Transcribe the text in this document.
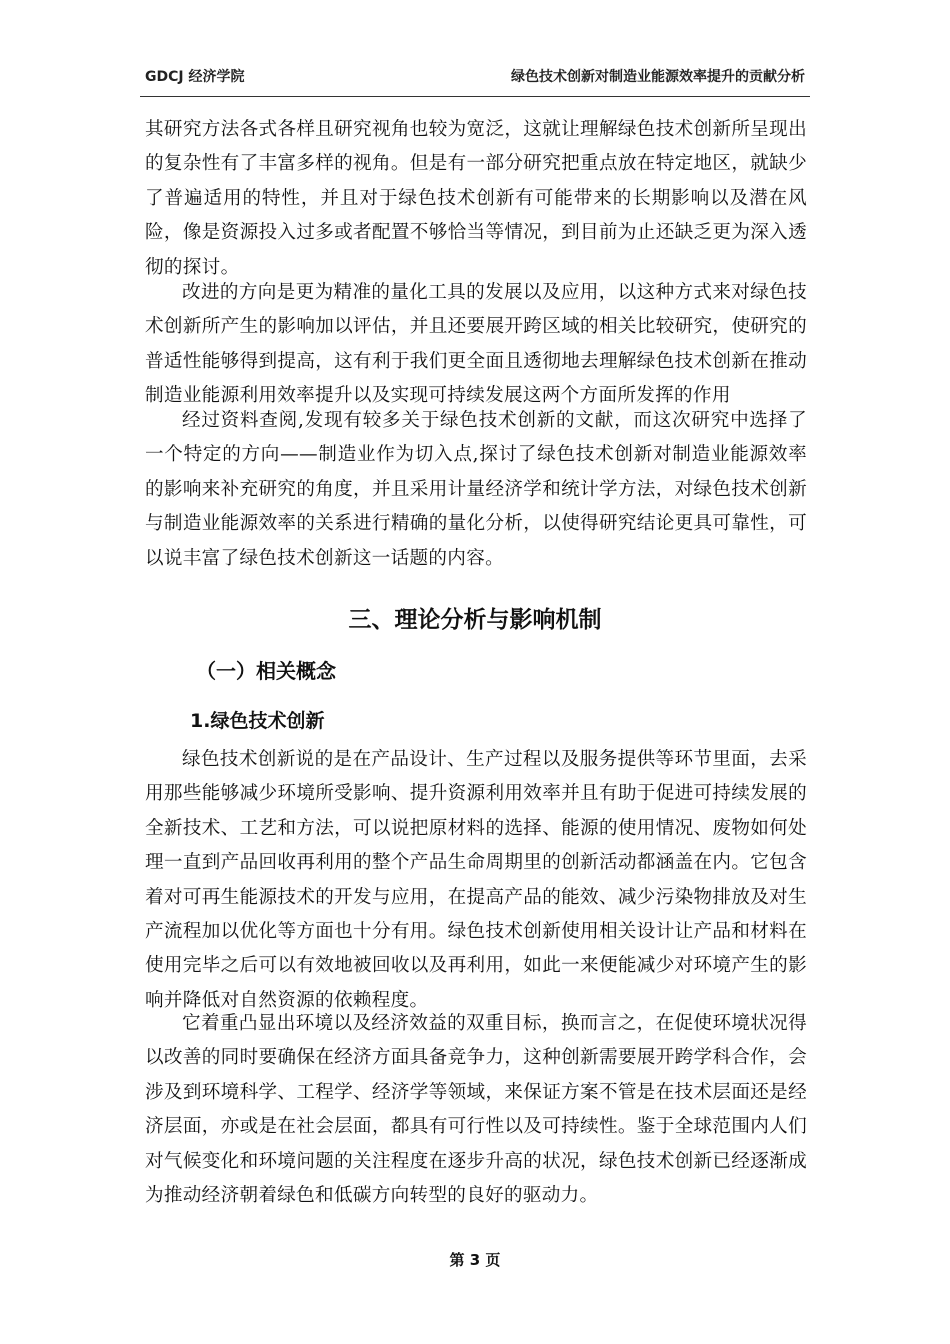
GDCJ 经济学院	绿色技术创新对制造业能源效率提升的贡献分析

其研究方法各式各样且研究视角也较为宽泛，这就让理解绿色技术创新所呈现出的复杂性有了丰富多样的视角。但是有一部分研究把重点放在特定地区，就缺少了普遍适用的特性，并且对于绿色技术创新有可能带来的长期影响以及潜在风险，像是资源投入过多或者配置不够恰当等情况，到目前为止还缺乏更为深入透彻的探讨。

改进的方向是更为精准的量化工具的发展以及应用，以这种方式来对绿色技术创新所产生的影响加以评估，并且还要展开跨区域的相关比较研究，使研究的普适性能够得到提高，这有利于我们更全面且透彻地去理解绿色技术创新在推动制造业能源利用效率提升以及实现可持续发展这两个方面所发挥的作用

经过资料查阅,发现有较多关于绿色技术创新的文献，而这次研究中选择了一个特定的方向——制造业作为切入点,探讨了绿色技术创新对制造业能源效率的影响来补充研究的角度，并且采用计量经济学和统计学方法，对绿色技术创新与制造业能源效率的关系进行精确的量化分析，以使得研究结论更具可靠性，可以说丰富了绿色技术创新这一话题的内容。

三、理论分析与影响机制
（一）相关概念
1.绿色技术创新

绿色技术创新说的是在产品设计、生产过程以及服务提供等环节里面，去采用那些能够减少环境所受影响、提升资源利用效率并且有助于促进可持续发展的全新技术、工艺和方法，可以说把原材料的选择、能源的使用情况、废物如何处理一直到产品回收再利用的整个产品生命周期里的创新活动都涵盖在内。它包含着对可再生能源技术的开发与应用，在提高产品的能效、减少污染物排放及对生产流程加以优化等方面也十分有用。绿色技术创新使用相关设计让产品和材料在使用完毕之后可以有效地被回收以及再利用，如此一来便能减少对环境产生的影响并降低对自然资源的依赖程度。

它着重凸显出环境以及经济效益的双重目标，换而言之，在促使环境状况得以改善的同时要确保在经济方面具备竞争力，这种创新需要展开跨学科合作，会涉及到环境科学、工程学、经济学等领域，来保证方案不管是在技术层面还是经济层面，亦或是在社会层面，都具有可行性以及可持续性。鉴于全球范围内人们对气候变化和环境问题的关注程度在逐步升高的状况，绿色技术创新已经逐渐成为推动经济朝着绿色和低碳方向转型的良好的驱动力。

第 3 页
